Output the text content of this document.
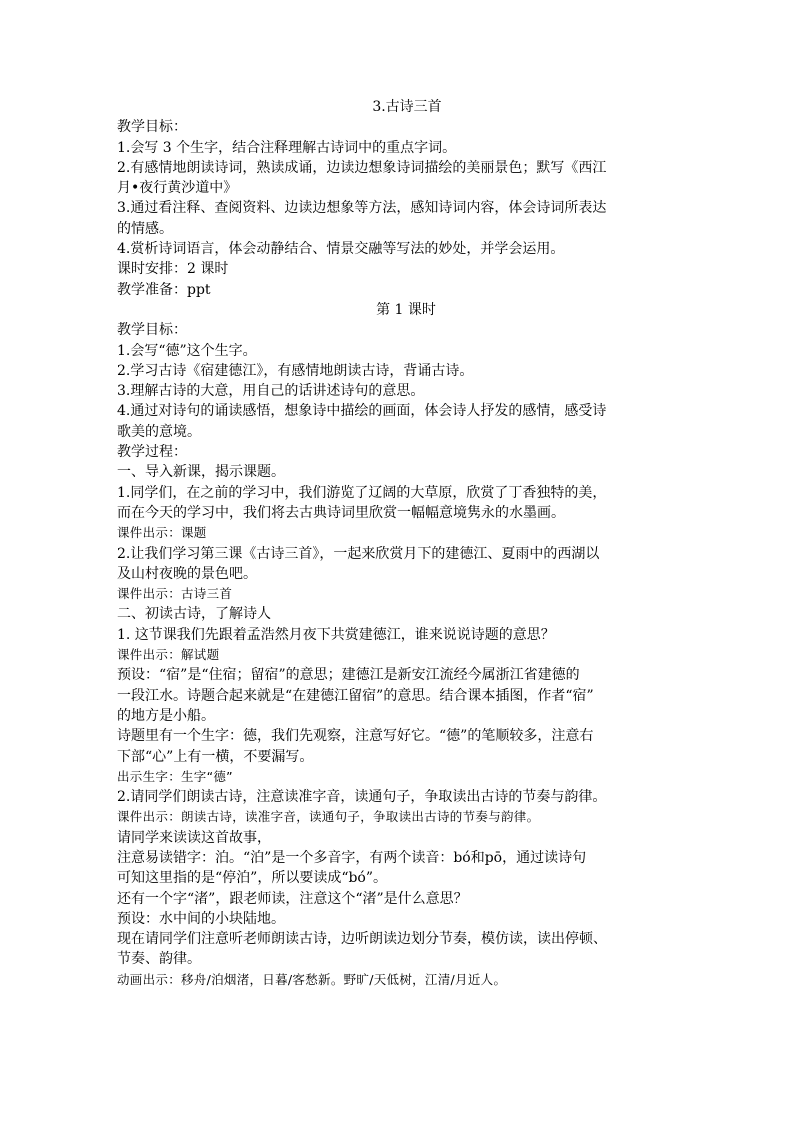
3.古诗三首
教学目标：
1.会写 3 个生字，结合注释理解古诗词中的重点字词。
2.有感情地朗读诗词，熟读成诵，边读边想象诗词描绘的美丽景色；默写《西江
月•夜行黄沙道中》
3.通过看注释、查阅资料、边读边想象等方法，感知诗词内容，体会诗词所表达
的情感。
4.赏析诗词语言，体会动静结合、情景交融等写法的妙处，并学会运用。
课时安排：2 课时
教学准备：ppt
第 1 课时
教学目标：
1.会写“德”这个生字。
2.学习古诗《宿建德江》，有感情地朗读古诗，背诵古诗。
3.理解古诗的大意，用自己的话讲述诗句的意思。
4.通过对诗句的诵读感悟，想象诗中描绘的画面，体会诗人抒发的感情，感受诗
歌美的意境。
教学过程：
一、导入新课，揭示课题。
1.同学们，在之前的学习中，我们游览了辽阔的大草原，欣赏了丁香独特的美，
而在今天的学习中，我们将去古典诗词里欣赏一幅幅意境隽永的水墨画。
课件出示：课题
2.让我们学习第三课《古诗三首》，一起来欣赏月下的建德江、夏雨中的西湖以
及山村夜晚的景色吧。
课件出示：古诗三首
二、初读古诗，了解诗人
1. 这节课我们先跟着孟浩然月夜下共赏建德江，谁来说说诗题的意思？
课件出示：解试题
预设：“宿”是“住宿；留宿”的意思；建德江是新安江流经今属浙江省建德的
一段江水。诗题合起来就是“在建德江留宿”的意思。结合课本插图，作者“宿”
的地方是小船。
诗题里有一个生字：德，我们先观察，注意写好它。“德”的笔顺较多，注意右
下部“心”上有一横，不要漏写。
出示生字：生字“德”
2.请同学们朗读古诗，注意读准字音，读通句子，争取读出古诗的节奏与韵律。
课件出示：朗读古诗，读准字音，读通句子，争取读出古诗的节奏与韵律。
请同学来读读这首故事，
注意易读错字：泊。“泊”是一个多音字，有两个读音：bó和pō，通过读诗句
可知这里指的是“停泊”，所以要读成“bó”。
还有一个字“渚”，跟老师读，注意这个“渚”是什么意思？
预设：水中间的小块陆地。
现在请同学们注意听老师朗读古诗，边听朗读边划分节奏，模仿读，读出停顿、
节奏、韵律。
动画出示：移舟/泊烟渚，日暮/客愁新。野旷/天低树，江清/月近人。
